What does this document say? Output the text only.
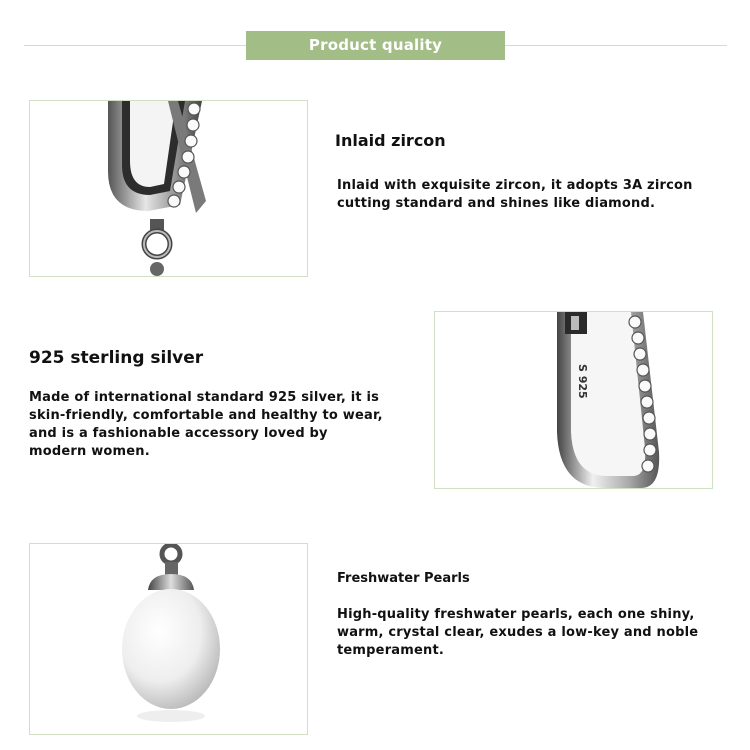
Product quality
Inlaid zircon
Inlaid with exquisite zircon, it adopts 3A zircon cutting standard and shines like diamond.
925 sterling silver
Made of international standard 925 silver, it is skin-friendly, comfortable and healthy to wear, and is a fashionable accessory loved by modern women.
S 925
Freshwater Pearls
High-quality freshwater pearls, each one shiny, warm, crystal clear, exudes a low-key and noble temperament.
